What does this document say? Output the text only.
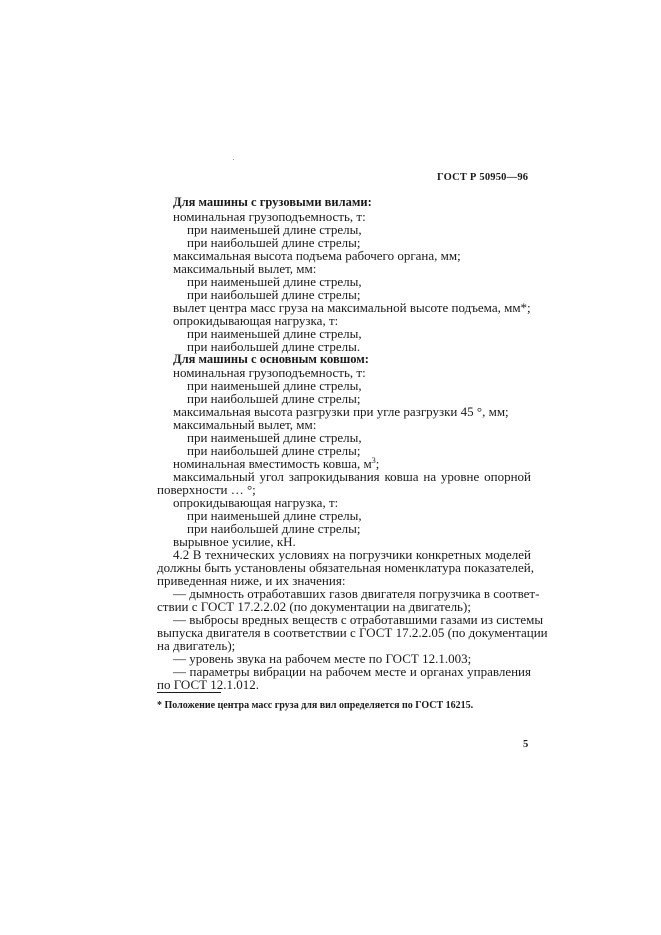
ГОСТ Р 50950—96
Для машины с грузовыми вилами:
номинальная грузоподъемность, т:
при наименьшей длине стрелы,
при наибольшей длине стрелы;
максимальная высота подъема рабочего органа, мм;
максимальный вылет, мм:
при наименьшей длине стрелы,
при наибольшей длине стрелы;
вылет центра масс груза на максимальной высоте подъема, мм*;
опрокидывающая нагрузка, т:
при наименьшей длине стрелы,
при наибольшей длине стрелы.
Для машины с основным ковшом:
номинальная грузоподъемность, т:
при наименьшей длине стрелы,
при наибольшей длине стрелы;
максимальная высота разгрузки при угле разгрузки 45 °, мм;
максимальный вылет, мм:
при наименьшей длине стрелы,
при наибольшей длине стрелы;
номинальная вместимость ковша, $м^3$;
максимальный угол запрокидывания ковша на уровне опорной
поверхности … °;
опрокидывающая нагрузка, т:
при наименьшей длине стрелы,
при наибольшей длине стрелы;
вырывное усилие, кН.
4.2 В технических условиях на погрузчики конкретных моделей
должны быть установлены обязательная номенклатура показателей,
приведенная ниже, и их значения:
— дымность отработавших газов двигателя погрузчика в соответ-
ствии с ГОСТ 17.2.2.02 (по документации на двигатель);
— выбросы вредных веществ с отработавшими газами из системы
выпуска двигателя в соответствии с ГОСТ 17.2.2.05 (по документации
на двигатель);
— уровень звука на рабочем месте по ГОСТ 12.1.003;
— параметры вибрации на рабочем месте и органах управления
по ГОСТ 12.1.012.
* Положение центра масс груза для вил определяется по ГОСТ 16215.
5
